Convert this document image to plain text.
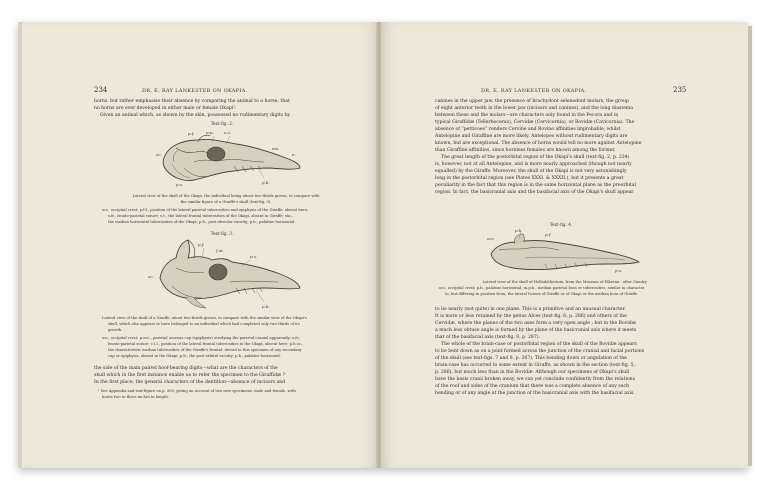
234	DR. E. RAY LANKESTER ON OKAPIA.

horns, but rather emphasise their absence by comparing the animal to a horse, that

no horns are ever developed in either male or female Okapi¹.

Given an animal which, as shown by the skin, possessed no rudimentary digits by

Text-fig. 2.
p.f.	p.p.	s.o.
mx.
n.
p.b.
oc.
p.s.

Lateral view of the skull of the Okapi, the individual being about two-thirds grown, to compare with

the similar figure of a Giraffe's skull (text-fig. 3).

occ, occipital crest; p.f.f., position of the lateral parietal tuberosities and epiphysis of the Giraffe, absent here;

s.fr., fronto-parietal suture; s.t., the lateral frontal tuberosities of the Okapi, absent in Giraffe; sta.,

the median horizontal tuberosities of the Okapi; p.b., post-alveolar vacuity; p.b., palatine horizontal.

Text-fig. 3.
p.f.
p.s.
f.ot.
p.b.
oc.

Lateral view of the skull of a Giraffe, about two-thirds grown, to compare with the similar view of the Okapi's

skull, which also appears to have belonged to an individual which had completed only two-thirds of its

growth.

occ, occipital crest; p.occ., parietal osseous cap (epiphysis) overlying the parietal cranial apparently; s.fr.,

fronto-parietal suture; c.l.l., position of the lateral frontal tuberosities in the Okapi, absent here; p.b.oc.,

the characteristic median tuberosities of the Giraffe's frontal, devoid in this specimen of any secondary

cap or epiphysis, absent in the Okapi; p.b., the post-orbital vacuity; p.b., palatine horizontal.

the side of the main paired hoof-bearing digits—what are the characters of the

skull which in the first instance enable us to refer the specimen to the Giraffidæ ?

In the first place, the general characters of the dentition—absence of incisors and

¹ See Appendix and text-figure on p. 300, giving an account of two new specimens, male and female, with

horns two to three inches in length.

DR. E. RAY LANKESTER ON OKAPIA.	235

canines in the upper jaw, the presence of brachydont selenodont molars, the group

of eight anterior teeth in the lower jaw (incisors and canines), and the long diastema

between these and the molars—are characters only found in the Pecora and in

typical Giraffidæ (Tellerhoceras), Cervidæ (Cervicornia), or Bovidæ (Cavicornia). The

absence of “petticoes” renders Cervine and Bovine affinities improbable, whilst

Antelopine and Giraffine are more likely. Antelopes without rudimentary digits are

known, but are exceptional. The absence of horns would tell no more against Antelopine

than Giraffine affinities, since hornless females are known among the former.

The great length of the postorbital region of the Okapi's skull (text-fig. 2, p. 234)

is, however, not at all Antelopine, and is more nearly approached (though not nearly

equalled) by the Giraffe. Moreover, the skull of the Okapi is not very astonishingly

long in the postorbital region (see Plates XXXI. & XXXII.), but it presents a great

peculiarity in the fact that this region is in the same horizontal plane as the preorbital

region. In fact, the basicranial axis and the basifacial axis of the Okapi's skull appear

Text-fig. 4.
occ
p.b.
p.f.
p.s.

Lateral view of the skull of Helladotherium, from the Museum of Pikermi : after Gaudry.

occ, occipital crest; p.b., palatine horizontal; m.p.b., median parietal boss or tuberosities, similar in character

to, but differing in position from, the lateral bosses of Giraffe or of Okapi or the median boss of Giraffe.

to lie nearly (not quite) in one plane. This is a primitive and an unusual character.

It is more or less retained by the genus Alces (text-fig. 6, p. 286) and others of the

Cervidæ, where the planes of the two axes form a very open angle ; but in the Bovidæ

a much less obtuse angle is formed by the plane of the basicranial axis where it meets

that of the basifacial axis (text-fig. 8, p. 287).

The whole of the brain-case or postorbital region of the skull of the Bovidæ appears

to be bent down as on a joint formed across the junction of the cranial and facial portions

of the skull (see text-figs. 7 and 8, p. 287). This bending down or angulation of the

brain-case has occurred to some extent in Giraffe, as shown in the section (text-fig. 5,

p. 286), but much less than in the Bovidæ. Although our specimens of Okapi's skull

have the basis cranii broken away, we can yet conclude confidently from the relations

of the roof and sides of the cranium that there was a complete absence of any such

bending or of any angle at the junction of the basicranial axis with the basifacial axis.
